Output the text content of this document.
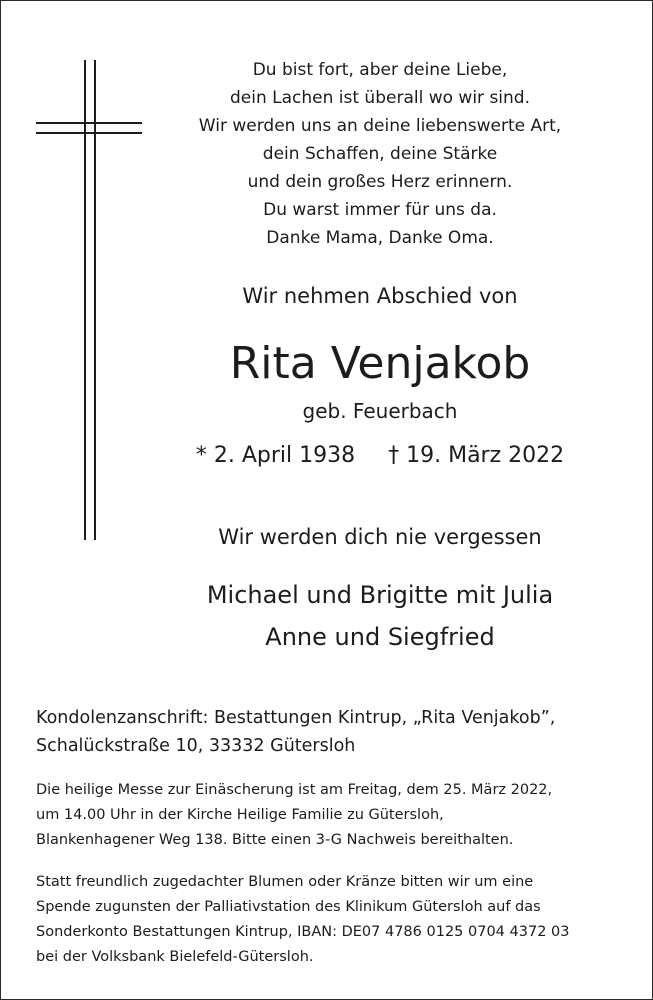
Du bist fort, aber deine Liebe,
dein Lachen ist überall wo wir sind.
Wir werden uns an deine liebenswerte Art,
dein Schaffen, deine Stärke
und dein großes Herz erinnern.
Du warst immer für uns da.
Danke Mama, Danke Oma.
Wir nehmen Abschied von
Rita Venjakob
geb. Feuerbach
* 2. April 1938 † 19. März 2022
Wir werden dich nie vergessen
Michael und Brigitte mit Julia
Anne und Siegfried
Kondolenzanschrift: Bestattungen Kintrup, „Rita Venjakob”,
Schalückstraße 10, 33332 Gütersloh
Die heilige Messe zur Einäscherung ist am Freitag, dem 25. März 2022,
um 14.00 Uhr in der Kirche Heilige Familie zu Gütersloh,
Blankenhagener Weg 138. Bitte einen 3-G Nachweis bereithalten.
Statt freundlich zugedachter Blumen oder Kränze bitten wir um eine
Spende zugunsten der Palliativstation des Klinikum Gütersloh auf das
Sonderkonto Bestattungen Kintrup, IBAN: DE07 4786 0125 0704 4372 03
bei der Volksbank Bielefeld-Gütersloh.
